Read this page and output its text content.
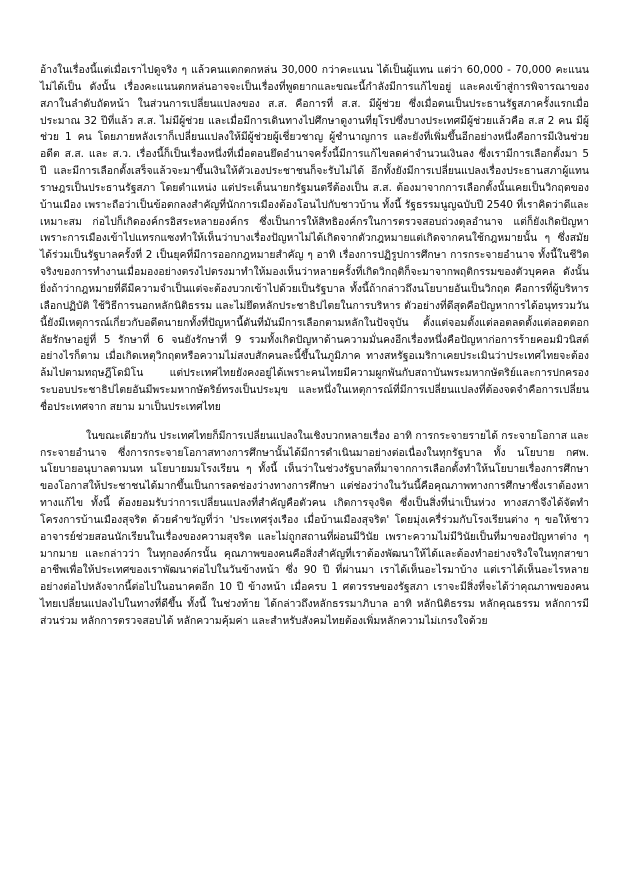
อ้างในเรื่องนี้แต่เมื่อเราไปดูจริง ๆ แล้วคนแตกตกหล่น 30,000 กว่าคะแนน ได้เป็นผู้แทน แต่ว่า 60,000 - 70,000 คะแนน ไม่ได้เป็น ดังนั้น เรื่องคะแนนตกหล่นอาจจะเป็นเรื่องที่พูดยากและขณะนี้กำลังมีการแก้ไขอยู่ และคงเข้าสู่การพิจารณาของสภาในลำดับถัดหน้า ในส่วนการเปลี่ยนแปลงของ ส.ส. คือการที่ ส.ส. มีผู้ช่วย ซึ่งเมื่อตนเป็นประธานรัฐสภาครั้งแรกเมื่อประมาณ 32 ปีที่แล้ว ส.ส. ไม่มีผู้ช่วย และเมื่อมีการเดินทางไปศึกษาดูงานที่ยุโรปซึ่งบางประเทศมีผู้ช่วยแล้วคือ ส.ส 2 คน มีผู้ช่วย 1 คน โดยภายหลังเราก็เปลี่ยนแปลงให้มีผู้ช่วยผู้เชี่ยวชาญ ผู้ชำนาญการ และยังที่เพิ่มขึ้นอีกอย่างหนึ่งคือการมีเงินช่วยอดีต ส.ส. และ ส.ว. เรื่องนี้ก็เป็นเรื่องหนึ่งที่เมื่อตอนยึดอำนาจครั้งนี้มีการแก้ไขลดค่าจำนวนเงินลง ซึ่งเรามีการเลือกตั้งมา 5 ปี และมีการเลือกตั้งเสร็จแล้วจะมาขึ้นเงินให้ตัวเองประชาชนก็จะรับไม่ได้ อีกทั้งยังมีการเปลี่ยนแปลงเรื่องประธานสภาผู้แทนราษฎรเป็นประธานรัฐสภา โดยตำแหน่ง แต่ประเด็นนายกรัฐมนตรีต้องเป็น ส.ส. ต้องมาจากการเลือกตั้งนั้นเคยเป็นวิกฤตของบ้านเมือง เพราะถือว่าเป็นข้อตกลงสำคัญที่นักการเมืองต้องโอนไปกับชาวบ้าน ทั้งนี้ รัฐธรรมนูญฉบับปี 2540 ที่เราคิดว่าดีและเหมาะสม ก่อไปก็เกิดองค์กรอิสระหลายองค์กร ซึ่งเป็นการให้สิทธิองค์กรในการตรวจสอบถ่วงดุลอำนาจ แต่ก็ยังเกิดปัญหาเพราะการเมืองเข้าไปแทรกแซงทำให้เห็นว่าบางเรื่องปัญหาไม่ได้เกิดจากตัวกฎหมายแต่เกิดจากคนใช้กฎหมายนั้น ๆ ซึ่งสมัยได้ร่วมเป็นรัฐบาลครั้งที่ 2 เป็นยุคที่มีการออกกฎหมายสำคัญ ๆ อาทิ เรื่องการปฏิรูปการศึกษา การกระจายอำนาจ ทั้งนี้ในชีวิตจริงของการทำงานเมื่อมองอย่างตรงไปตรงมาทำให้มองเห็นว่าหลายครั้งที่เกิดวิกฤติก็จะมาจากพฤติกรรมของตัวบุคคล ดังนั้น ยิ่งถ้าว่ากฎหมายที่ดีมีความจำเป็นแต่จะต้องบวกเข้าไปด้วยเป็นรัฐบาล ทั้งนี้ถ้ากล่าวถึงนโยบายอันเป็นวิกฤต คือการที่ผู้บริหารเลือกปฏิบัติ ใช้วิธีการนอกหลักนิติธรรม และไม่ยึดหลักประชาธิปไตยในการบริหาร ตัวอย่างที่ดีสุดคือปัญหาการได้อนุทรวมวันนี้ยังมีเหตุการณ์เกี่ยวกับอดีตนายกทั้งที่ปัญหานี้ดันที่มันมีการเลือกตามหลักในปัจจุบัน ตั้งแต่จอมตั้งแต่ลอตลดตั้งแต่ลอตตอกลัยรักษาอยู่ที่ 5 รักษาที่ 6 จนยังรักษาที่ 9 รวมทั้งเกิดปัญหาด้านความมั่นคงอีกเรื่องหนึ่งคือปัญหาก่อการร้ายคอมมิวนิสต์ อย่างไรก็ตาม เมื่อเกิดเหตุวิกฤตหรือความไม่สงบสักคนละนี้ขึ้นในภูมิภาค ทางสหรัฐอเมริกาเคยประเมินว่าประเทศไทยจะต้องล้มไปตามทฤษฎีโดมิโน แต่ประเทศไทยยังคงอยู่ได้เพราะคนไทยมีความผูกพันกับสถาบันพระมหากษัตริย์และการปกครองระบอบประชาธิปไตยอันมีพระมหากษัตริย์ทรงเป็นประมุข และหนึ่งในเหตุการณ์ที่มีการเปลี่ยนแปลงที่ต้องจดจำคือการเปลี่ยนชื่อประเทศจาก สยาม มาเป็นประเทศไทย

ในขณะเดียวกัน ประเทศไทยก็มีการเปลี่ยนแปลงในเชิงบวกหลายเรื่อง อาทิ การกระจายรายได้ กระจายโอกาส และกระจายอำนาจ ซึ่งการกระจายโอกาสทางการศึกษานั้นได้มีการดำเนินมาอย่างต่อเนื่องในทุกรัฐบาล ทั้ง นโยบาย กศพ. นโยบายอนุบาลตามนท นโยบายมมโรงเรียน ๆ ทั้งนี้ เห็นว่าในช่วงรัฐบาลที่มาจากการเลือกตั้งทำให้นโยบายเรื่องการศึกษาของโอกาสให้ประชาชนได้มากขึ้นเป็นการลดช่องว่างทางการศึกษา แต่ช่องว่างในวันนี้คือคุณภาพทางการศึกษาซึ่งเราต้องหาทางแก้ไข ทั้งนี้ ต้องยอมรับว่าการเปลี่ยนแปลงที่สำคัญคือตัวคน เกิดการจุงจิต ซึ่งเป็นสิ่งที่น่าเป็นห่วง ทางสภาจึงได้จัดทำโครงการบ้านเมืองสุจริต ด้วยคำขวัญที่ว่า 'ประเทศรุ่งเรือง เมื่อบ้านเมืองสุจริต' โดยมุ่งเครื่ร่วมกับโรงเรียนต่าง ๆ ขอให้ชาวอาจารย์ช่วยสอนนักเรียนในเรื่องของความสุจริต และไม่ถูกสถานที่ผ่อนมีวินัย เพราะความไม่มีวินัยเป็นที่มาของปัญหาต่าง ๆ มากมาย และกล่าวว่า ในทุกองค์กรนั้น คุณภาพของคนคือสิ่งสำคัญที่เราต้องพัฒนาให้ได้และต้องทำอย่างจริงใจในทุกสาขาอาชีพเพื่อให้ประเทศของเราพัฒนาต่อไปในวันข้างหน้า ซึ่ง 90 ปี ที่ผ่านมา เราได้เห็นอะไรมาบ้าง แต่เราได้เห็นอะไรหลายอย่างต่อไปหลังจากนี้ต่อไปในอนาคตอีก 10 ปี ข้างหน้า เมื่อครบ 1 ศตวรรษของรัฐสภา เราจะมีสิ่งที่จะได้ว่าคุณภาพของคนไทยเปลี่ยนแปลงไปในทางที่ดีขึ้น ทั้งนี้ ในช่วงท้าย ได้กล่าวถึงหลักธรรมาภิบาล อาทิ หลักนิติธรรม หลักคุณธรรม หลักการมีส่วนร่วม หลักการตรวจสอบได้ หลักความคุ้มค่า และสำหรับสังคมไทยต้องเพิ่มหลักความไม่เกรงใจด้วย
